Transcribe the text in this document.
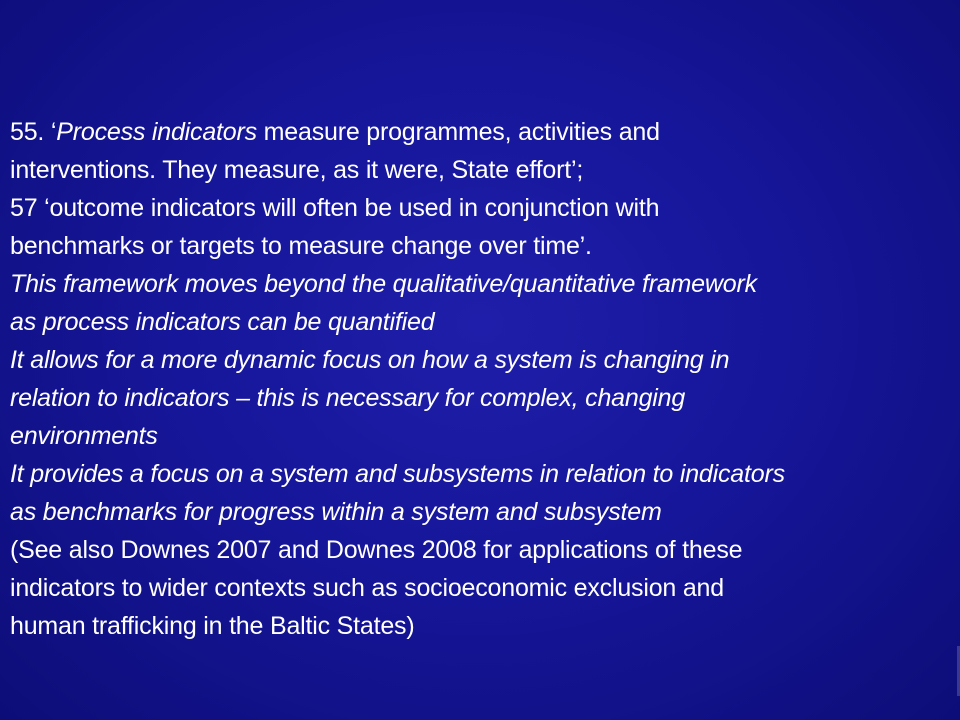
55. ‘Process indicators measure programmes, activities and
interventions. They measure, as it were, State effort’;
57 ‘outcome indicators will often be used in conjunction with
benchmarks or targets to measure change over time’.
This framework moves beyond the qualitative/quantitative framework
as process indicators can be quantified
It allows for a more dynamic focus on how a system is changing in
relation to indicators – this is necessary for complex, changing
environments
It provides a focus on a system and subsystems in relation to indicators
as benchmarks for progress within a system and subsystem
(See also Downes 2007 and Downes 2008 for applications of these
indicators to wider contexts such as socioeconomic exclusion and
human trafficking in the Baltic States)
